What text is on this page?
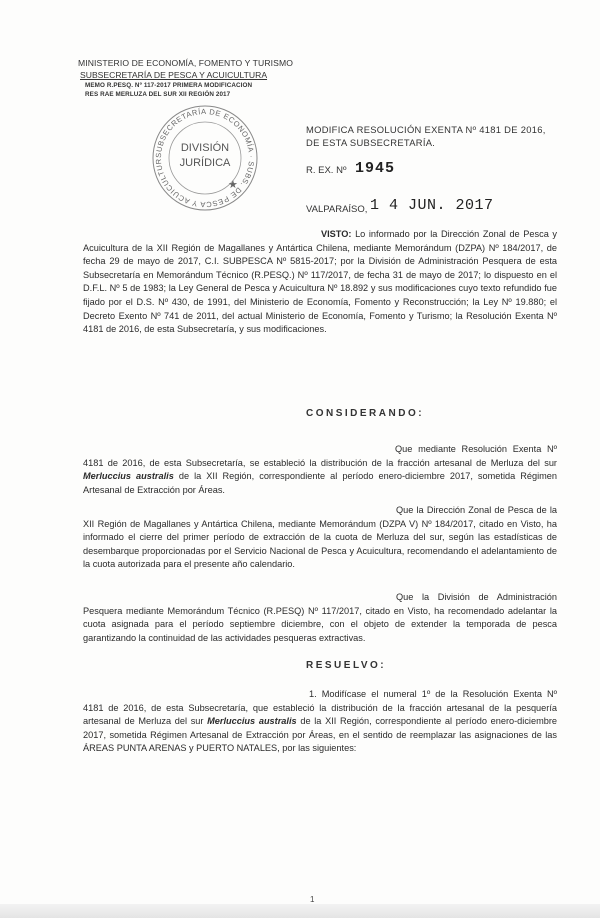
MINISTERIO DE ECONOMÍA, FOMENTO Y TURISMO
SUBSECRETARÍA DE PESCA Y ACUICULTURA
MEMO R.PESQ. Nº 117-2017 PRIMERA MODIFICACION
RES RAE MERLUZA DEL SUR XII REGIÓN 2017
SUBSECRETARÍA DE ECONOMÍA · SUBS. DE PESCA Y ACUICULTUR
DIVISIÓN
JURÍDICA
★
MODIFICA RESOLUCIÓN EXENTA Nº 4181 DE 2016,
DE ESTA SUBSECRETARÍA.
R. EX. Nº 1945
VALPARAÍSO, 1 4 JUN. 2017

VISTO: Lo informado por la Dirección Zonal de Pesca y Acuicultura de la XII Región de Magallanes y Antártica Chilena, mediante Memorándum (DZPA) Nº 184/2017, de fecha 29 de mayo de 2017, C.I. SUBPESCA Nº 5815-2017; por la División de Administración Pesquera de esta Subsecretaría en Memorándum Técnico (R.PESQ.) Nº 117/2017, de fecha 31 de mayo de 2017; lo dispuesto en el D.F.L. Nº 5 de 1983; la Ley General de Pesca y Acuicultura Nº 18.892 y sus modificaciones cuyo texto refundido fue fijado por el D.S. Nº 430, de 1991, del Ministerio de Economía, Fomento y Reconstrucción; la Ley Nº 19.880; el Decreto Exento Nº 741 de 2011, del actual Ministerio de Economía, Fomento y Turismo; la Resolución Exenta Nº 4181 de 2016, de esta Subsecretaría, y sus modificaciones.

CONSIDERANDO:

Que mediante Resolución Exenta Nº 4181 de 2016, de esta Subsecretaría, se estableció la distribución de la fracción artesanal de Merluza del sur Merluccius australis de la XII Región, correspondiente al período enero-diciembre 2017, sometida Régimen Artesanal de Extracción por Áreas.

Que la Dirección Zonal de Pesca de la XII Región de Magallanes y Antártica Chilena, mediante Memorándum (DZPA V) Nº 184/2017, citado en Visto, ha informado el cierre del primer período de extracción de la cuota de Merluza del sur, según las estadísticas de desembarque proporcionadas por el Servicio Nacional de Pesca y Acuicultura, recomendando el adelantamiento de la cuota autorizada para el presente año calendario.

Que la División de Administración Pesquera mediante Memorándum Técnico (R.PESQ) Nº 117/2017, citado en Visto, ha recomendado adelantar la cuota asignada para el período septiembre diciembre, con el objeto de extender la temporada de pesca garantizando la continuidad de las actividades pesqueras extractivas.

RESUELVO:

1. Modifícase el numeral 1º de la Resolución Exenta Nº 4181 de 2016, de esta Subsecretaría, que estableció la distribución de la fracción artesanal de la pesquería artesanal de Merluza del sur Merluccius australis de la XII Región, correspondiente al período enero-diciembre 2017, sometida Régimen Artesanal de Extracción por Áreas, en el sentido de reemplazar las asignaciones de las ÁREAS PUNTA ARENAS y PUERTO NATALES, por las siguientes:

1
